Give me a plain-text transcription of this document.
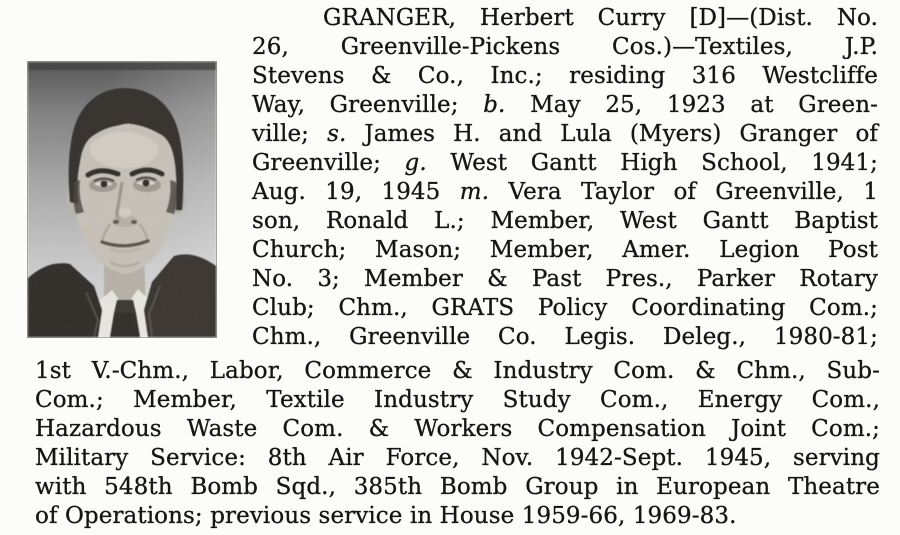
GRANGER, Herbert Curry [D]—(Dist. No.
26, Greenville-Pickens Cos.)—Textiles, J.P.
Stevens & Co., Inc.; residing 316 Westcliffe
Way, Greenville; b. May 25, 1923 at Green-
ville; s. James H. and Lula (Myers) Granger of
Greenville; g. West Gantt High School, 1941;
Aug. 19, 1945 m. Vera Taylor of Greenville, 1
son, Ronald L.; Member, West Gantt Baptist
Church; Mason; Member, Amer. Legion Post
No. 3; Member & Past Pres., Parker Rotary
Club; Chm., GRATS Policy Coordinating Com.;
Chm., Greenville Co. Legis. Deleg., 1980-81;
1st V.-Chm., Labor, Commerce & Industry Com. & Chm., Sub-
Com.; Member, Textile Industry Study Com., Energy Com.,
Hazardous Waste Com. & Workers Compensation Joint Com.;
Military Service: 8th Air Force, Nov. 1942-Sept. 1945, serving
with 548th Bomb Sqd., 385th Bomb Group in European Theatre
of Operations; previous service in House 1959-66, 1969-83.
